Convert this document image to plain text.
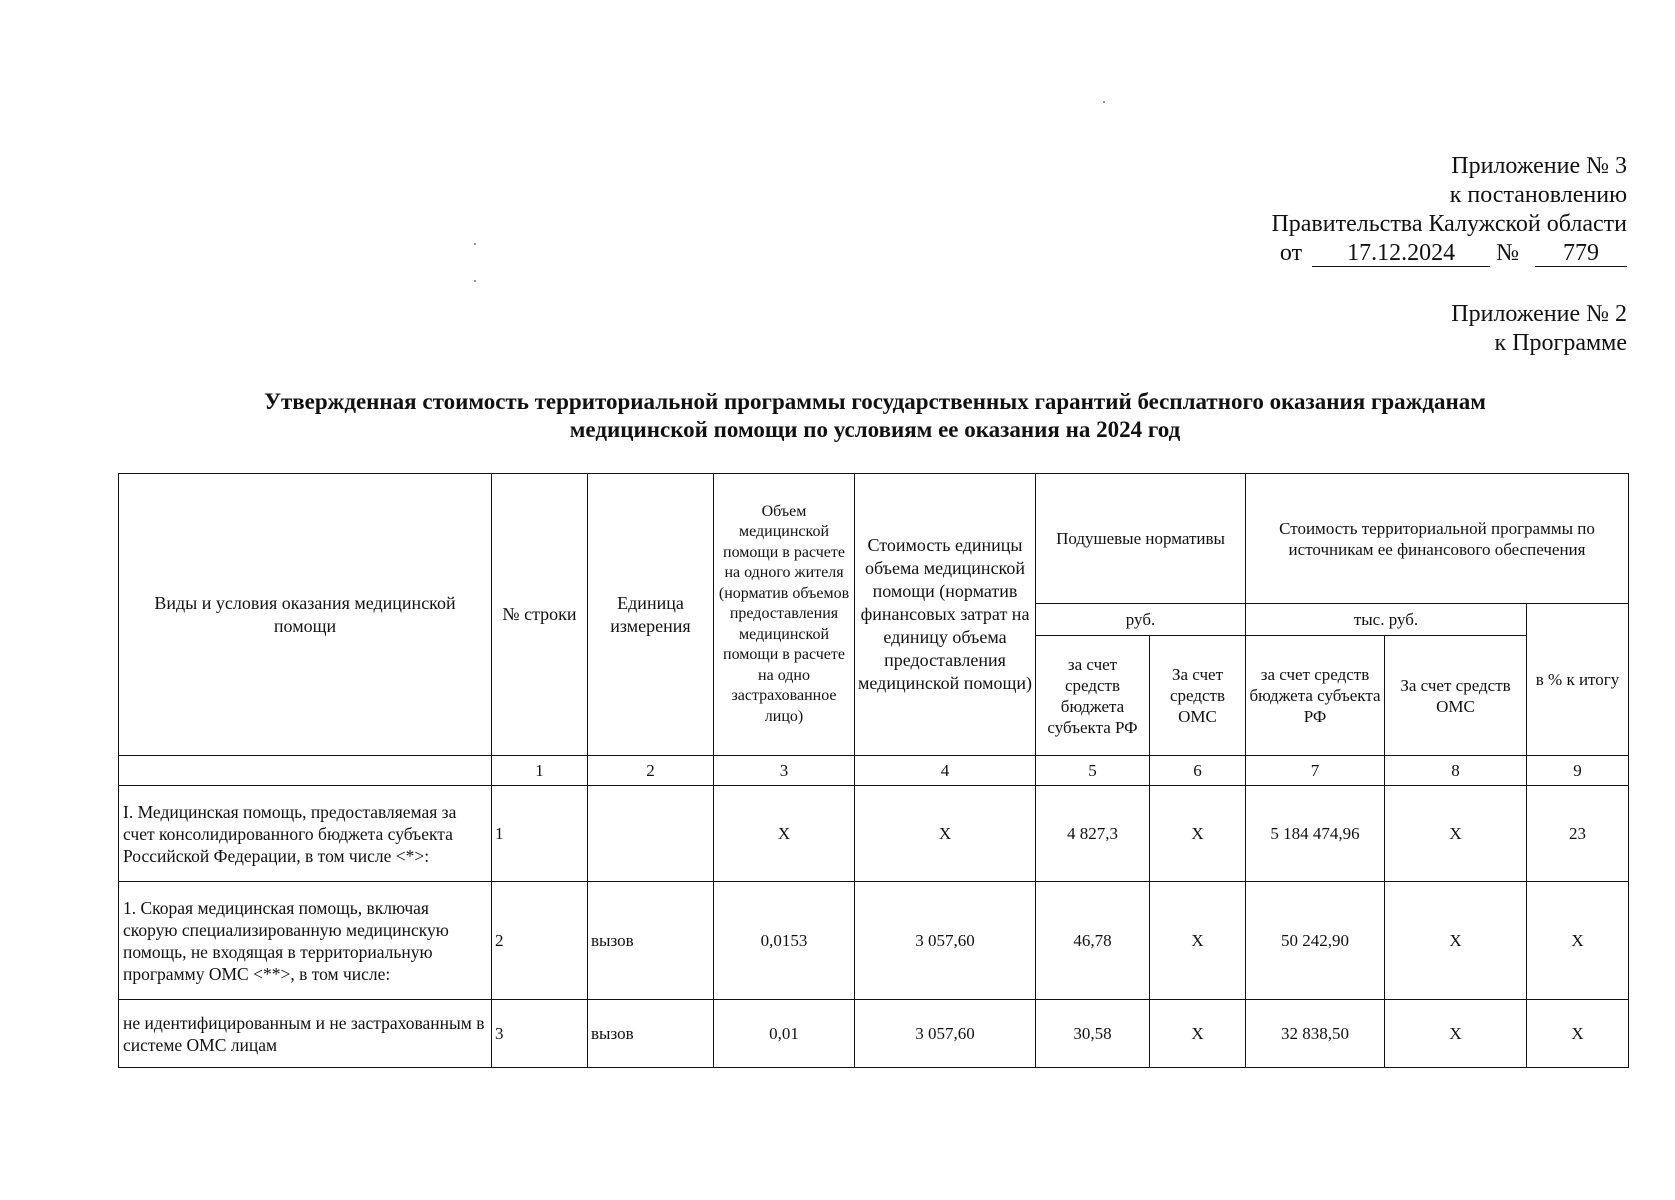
Приложение № 3
к постановлению
Правительства Калужской области
от 17.12.2024 № 779
Приложение № 2
к Программе
Утвержденная стоимость территориальной программы государственных гарантий бесплатного оказания гражданам
медицинской помощи по условиям ее оказания на 2024 год
Виды и условия оказания медицинской помощи	№ строки	Единица измерения	Объем медицинской помощи в расчете на одного жителя (норматив объемов предоставления медицинской помощи в расчете на одно застрахованное лицо)	Стоимость единицы объема медицинской помощи (норматив финансовых затрат на единицу объема предоставления медицинской помощи)	Подушевые нормативы		Стоимость территориальной программы по источникам ее финансового обеспечения		
					руб.		тыс. руб.		в % к итогу
					за счет средств бюджета субъекта РФ	За счет средств ОМС	за счет средств бюджета субъекта РФ	За счет средств ОМС	
	1	2	3	4	5	6	7	8	9
I. Медицинская помощь, предоставляемая за счет консолидированного бюджета субъекта Российской Федерации, в том числе <*>:	1		X	X	4 827,3	X	5 184 474,96	X	23
1. Скорая медицинская помощь, включая скорую специализированную медицинскую помощь, не входящая в территориальную программу ОМС <**>, в том числе:	2	вызов	0,0153	3 057,60	46,78	X	50 242,90	X	X
не идентифицированным и не застрахованным в системе ОМС лицам	3	вызов	0,01	3 057,60	30,58	X	32 838,50	X	X
